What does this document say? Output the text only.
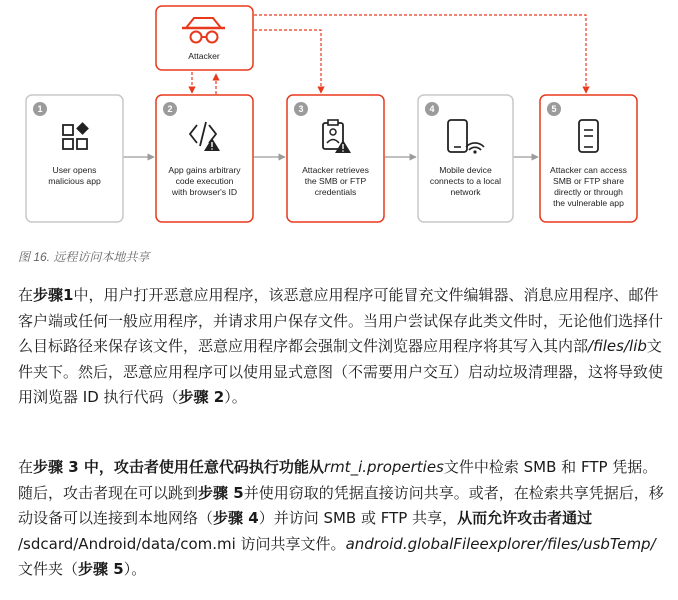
Attacker
1
User opens
malicious app
2
App gains arbitrary
code execution
with browser's ID
3
Attacker retrieves
the SMB or FTP
credentials
4
Mobile device
connects to a local
network
5
Attacker can access
SMB or FTP share
directly or through
the vulnerable app
图 16. 远程访问本地共享

在步骤1中，用户打开恶意应用程序，该恶意应用程序可能冒充文件编辑器、消息应用程序、邮件客户端或任何一般应用程序，并请求用户保存文件。当用户尝试保存此类文件时，无论他们选择什么目标路径来保存该文件，恶意应用程序都会强制文件浏览器应用程序将其写入其内部/files/lib文件夹下。然后，恶意应用程序可以使用显式意图（不需要用户交互）启动垃圾清理器，这将导致使用浏览器 ID 执行代码（步骤 2）。

在步骤 3 中，攻击者使用任意代码执行功能从rmt_i.properties文件中检索 SMB 和 FTP 凭据。随后，攻击者现在可以跳到步骤 5并使用窃取的凭据直接访问共享。或者，在检索共享凭据后，移动设备可以连接到本地网络（步骤 4）并访问 SMB 或 FTP 共享，从而允许攻击者通过 /sdcard/Android/data/com.mi 访问共享文件。android.globalFileexplorer/files/usbTemp/文件夹（步骤 5）。
